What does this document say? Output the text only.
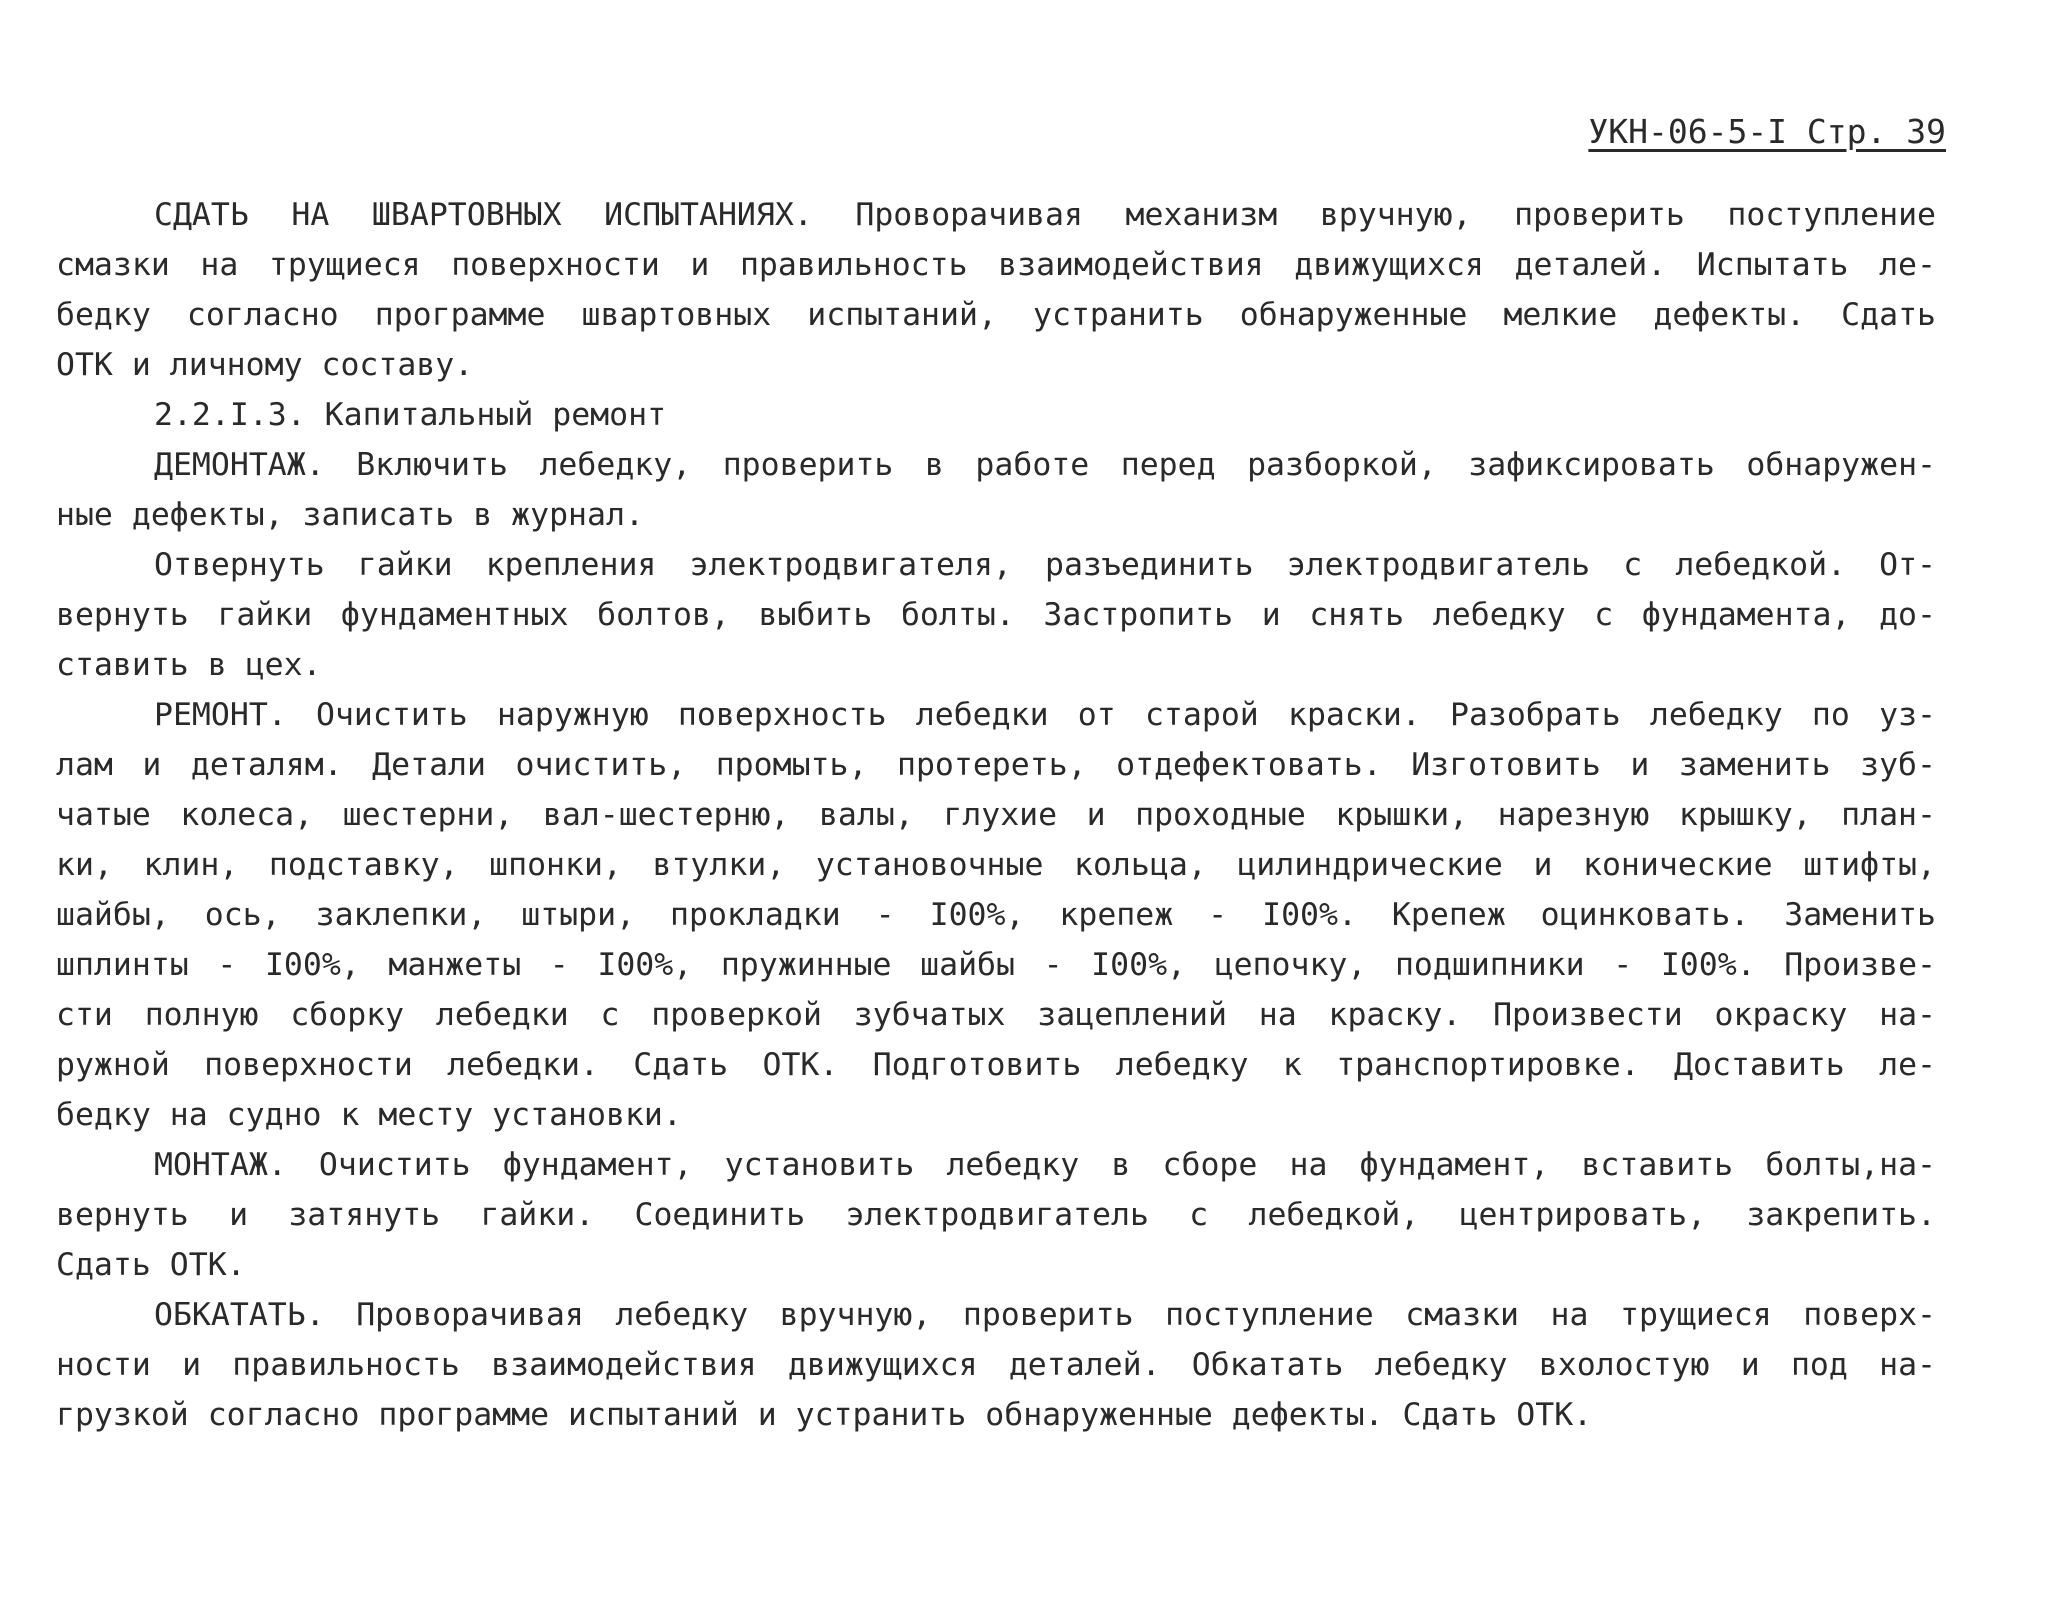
УКН-06-5-I Стр. 39
СДАТЬ НА ШВАРТОВНЫХ ИСПЫТАНИЯХ. Проворачивая механизм вручную, проверить поступление
смазки на трущиеся поверхности и правильность взаимодействия движущихся деталей. Испытать ле-
бедку согласно программе швартовных испытаний, устранить обнаруженные мелкие дефекты. Сдать
ОТК и личному составу.
2.2.I.3. Капитальный ремонт
ДЕМОНТАЖ. Включить лебедку, проверить в работе перед разборкой, зафиксировать обнаружен-
ные дефекты, записать в журнал.
Отвернуть гайки крепления электродвигателя, разъединить электродвигатель с лебедкой. От-
вернуть гайки фундаментных болтов, выбить болты. Застропить и снять лебедку с фундамента, до-
ставить в цех.
РЕМОНТ. Очистить наружную поверхность лебедки от старой краски. Разобрать лебедку по уз-
лам и деталям. Детали очистить, промыть, протереть, отдефектовать. Изготовить и заменить зуб-
чатые колеса, шестерни, вал-шестерню, валы, глухие и проходные крышки, нарезную крышку, план-
ки, клин, подставку, шпонки, втулки, установочные кольца, цилиндрические и конические штифты,
шайбы, ось, заклепки, штыри, прокладки - I00%, крепеж - I00%. Крепеж оцинковать. Заменить
шплинты - I00%, манжеты - I00%, пружинные шайбы - I00%, цепочку, подшипники - I00%. Произве-
сти полную сборку лебедки с проверкой зубчатых зацеплений на краску. Произвести окраску на-
ружной поверхности лебедки. Сдать ОТК. Подготовить лебедку к транспортировке. Доставить ле-
бедку на судно к месту установки.
МОНТАЖ. Очистить фундамент, установить лебедку в сборе на фундамент, вставить болты,на-
вернуть и затянуть гайки. Соединить электродвигатель с лебедкой, центрировать, закрепить.
Сдать ОТК.
ОБКАТАТЬ. Проворачивая лебедку вручную, проверить поступление смазки на трущиеся поверх-
ности и правильность взаимодействия движущихся деталей. Обкатать лебедку вхолостую и под на-
грузкой согласно программе испытаний и устранить обнаруженные дефекты. Сдать ОТК.
